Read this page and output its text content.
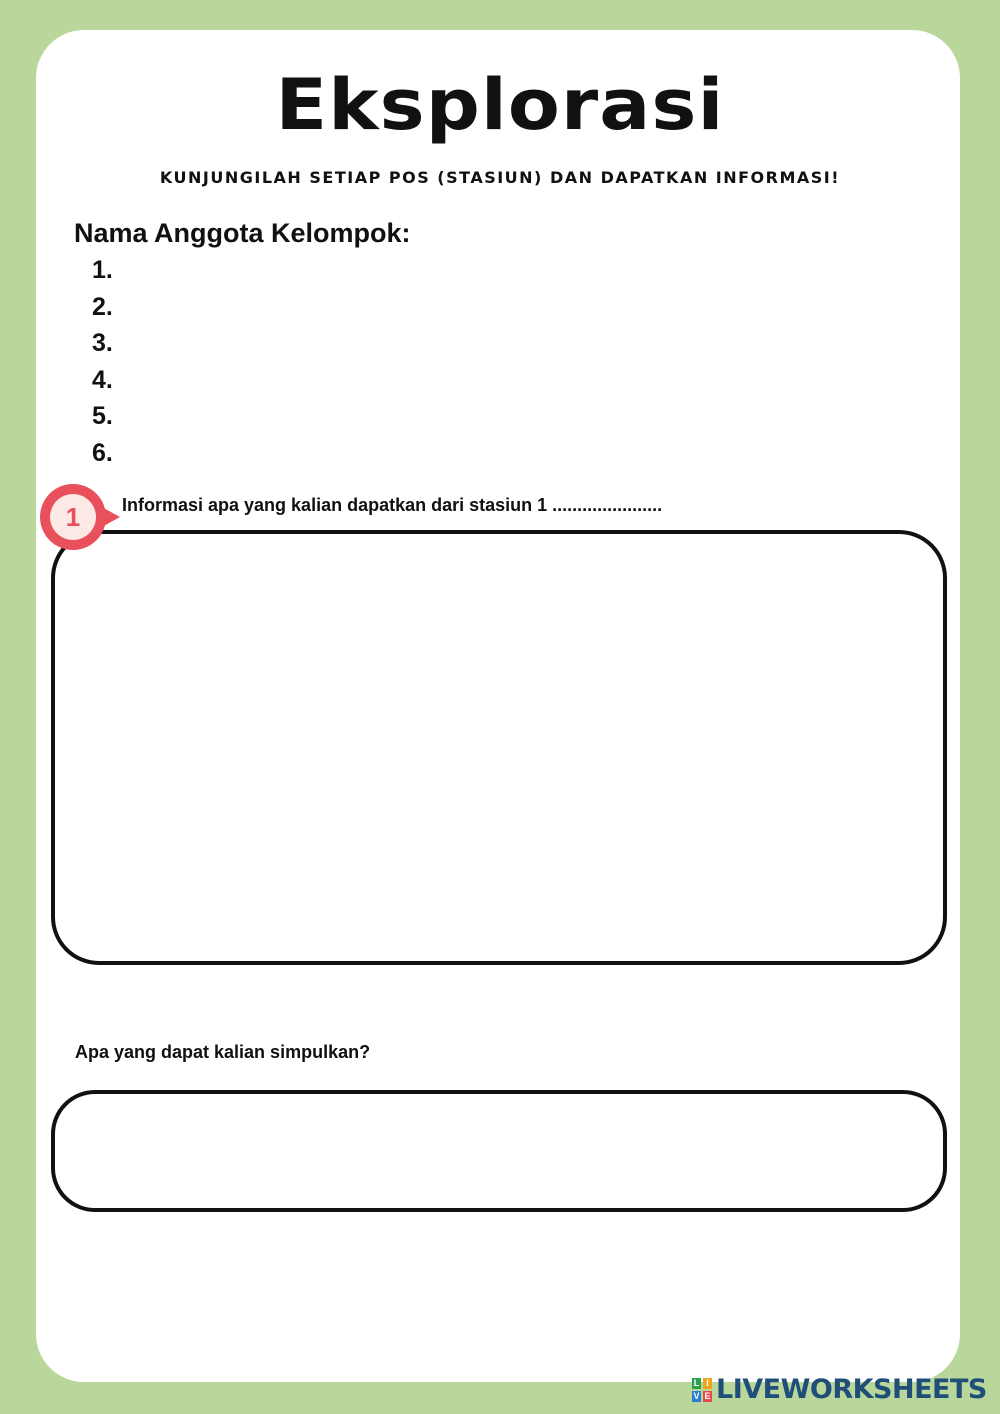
Eksplorasi

KUNJUNGILAH SETIAP POS (STASIUN) DAN DAPATKAN INFORMASI!

Nama Anggota Kelompok:

1.
2.
3.
4.
5.
6.
1	Informasi apa yang kalian dapatkan dari stasiun 1 ......................

Apa yang dapat kalian simpulkan?

L I
V E LIVEWORKSHEETS
